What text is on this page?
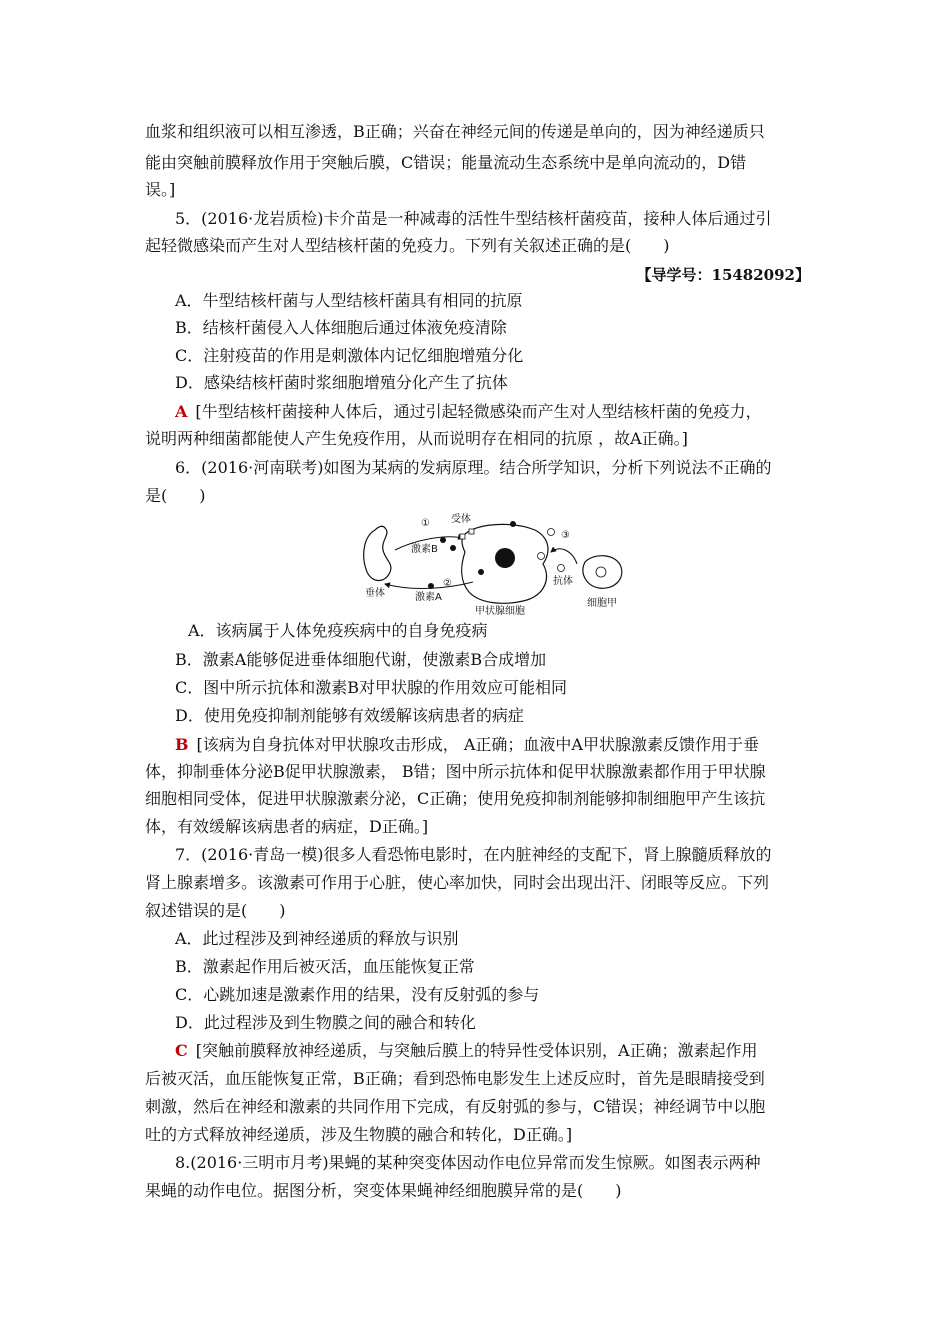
血浆和组织液可以相互渗透，B正确；兴奋在神经元间的传递是单向的，因为神经递质只
能由突触前膜释放作用于突触后膜，C错误；能量流动生态系统中是单向流动的，D错
误。]
5．(2016·龙岩质检)卡介苗是一种减毒的活性牛型结核杆菌疫苗，接种人体后通过引
起轻微感染而产生对人型结核杆菌的免疫力。下列有关叙述正确的是(　　)
【导学号：15482092】
A．牛型结核杆菌与人型结核杆菌具有相同的抗原
B．结核杆菌侵入人体细胞后通过体液免疫清除
C．注射疫苗的作用是刺激体内记忆细胞增殖分化
D．感染结核杆菌时浆细胞增殖分化产生了抗体
A [牛型结核杆菌接种人体后，通过引起轻微感染而产生对人型结核杆菌的免疫力，
说明两种细菌都能使人产生免疫作用，从而说明存在相同的抗原 ，故A正确。]
6．(2016·河南联考)如图为某病的发病原理。结合所学知识，分析下列说法不正确的
是(　　)
受体
①
激素B
垂体
②
激素A
甲状腺细胞
③
抗体
细胞甲
A．该病属于人体免疫疾病中的自身免疫病
B．激素A能够促进垂体细胞代谢，使激素B合成增加
C．图中所示抗体和激素B对甲状腺的作用效应可能相同
D．使用免疫抑制剂能够有效缓解该病患者的病症
B [该病为自身抗体对甲状腺攻击形成， A正确；血液中A甲状腺激素反馈作用于垂
体，抑制垂体分泌B促甲状腺激素， B错；图中所示抗体和促甲状腺激素都作用于甲状腺
细胞相同受体，促进甲状腺激素分泌，C正确；使用免疫抑制剂能够抑制细胞甲产生该抗
体，有效缓解该病患者的病症，D正确。]
7．(2016·青岛一模)很多人看恐怖电影时，在内脏神经的支配下，肾上腺髓质释放的
肾上腺素增多。该激素可作用于心脏，使心率加快，同时会出现出汗、闭眼等反应。下列
叙述错误的是(　　)
A．此过程涉及到神经递质的释放与识别
B．激素起作用后被灭活，血压能恢复正常
C．心跳加速是激素作用的结果，没有反射弧的参与
D．此过程涉及到生物膜之间的融合和转化
C [突触前膜释放神经递质，与突触后膜上的特异性受体识别，A正确；激素起作用
后被灭活，血压能恢复正常，B正确；看到恐怖电影发生上述反应时，首先是眼睛接受到
刺激，然后在神经和激素的共同作用下完成，有反射弧的参与，C错误；神经调节中以胞
吐的方式释放神经递质，涉及生物膜的融合和转化，D正确。]
8.(2016·三明市月考)果蝇的某种突变体因动作电位异常而发生惊厥。如图表示两种
果蝇的动作电位。据图分析，突变体果蝇神经细胞膜异常的是(　　)
